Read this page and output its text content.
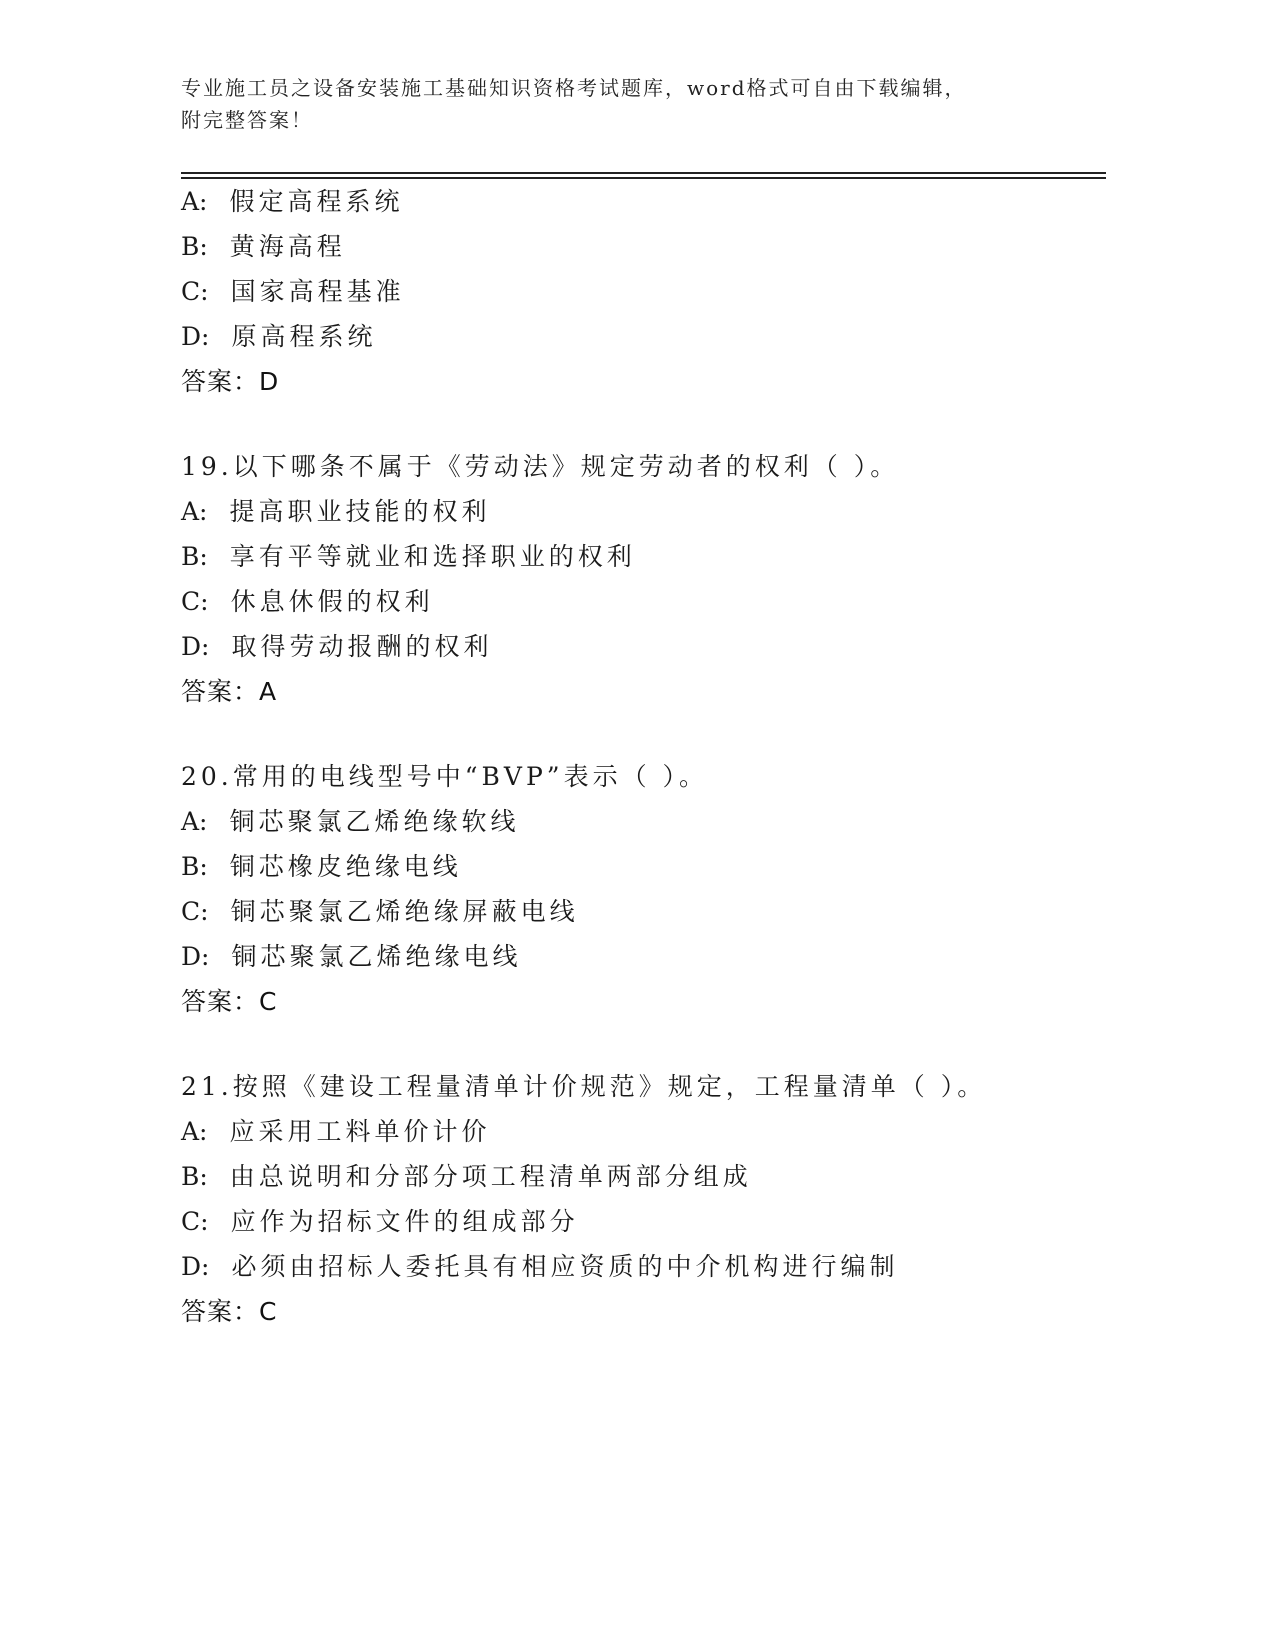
专业施工员之设备安装施工基础知识资格考试题库，word格式可自由下载编辑，
附完整答案！
A: 假定高程系统
B: 黄海高程
C: 国家高程基准
D: 原高程系统
答案：D
19.以下哪条不属于《劳动法》规定劳动者的权利（ ）。
A: 提高职业技能的权利
B: 享有平等就业和选择职业的权利
C: 休息休假的权利
D: 取得劳动报酬的权利
答案：A
20.常用的电线型号中“BVP”表示（ ）。
A: 铜芯聚氯乙烯绝缘软线
B: 铜芯橡皮绝缘电线
C: 铜芯聚氯乙烯绝缘屏蔽电线
D: 铜芯聚氯乙烯绝缘电线
答案：C
21.按照《建设工程量清单计价规范》规定，工程量清单（ ）。
A: 应采用工料单价计价
B: 由总说明和分部分项工程清单两部分组成
C: 应作为招标文件的组成部分
D: 必须由招标人委托具有相应资质的中介机构进行编制
答案：C
